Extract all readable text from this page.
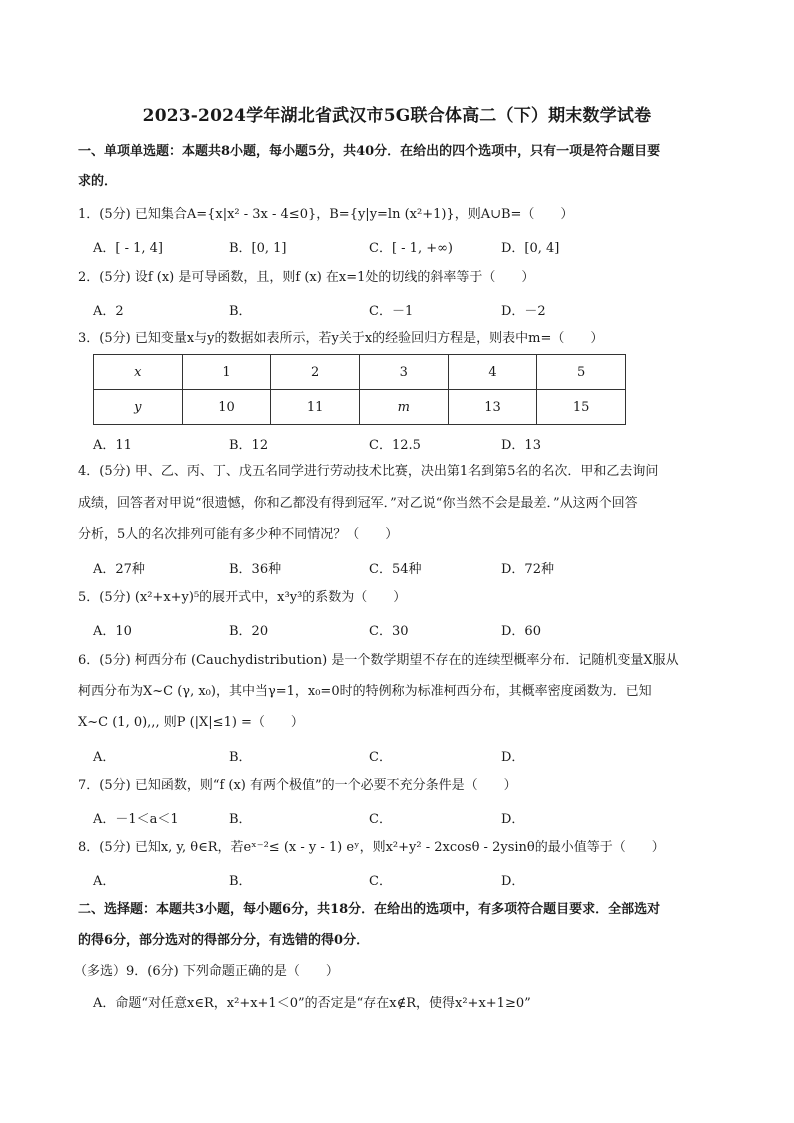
2023-2024学年湖北省武汉市5G联合体高二（下）期末数学试卷
一、单项单选题：本题共8小题，每小题5分，共40分．在给出的四个选项中，只有一项是符合题目要
求的．
1．(5分) 已知集合A={x|x² - 3x - 4≤0}，B={y|y=ln (x²+1)}，则A∪B=（　　）
A．[ - 1, 4]	B．[0, 1]	C．[ - 1, +∞)	D．[0, 4]
2．(5分) 设f (x) 是可导函数，且，则f (x) 在x=1处的切线的斜率等于（　　）
A．2	B．	C．－1	D．－2
3．(5分) 已知变量x与y的数据如表所示，若y关于x的经验回归方程是，则表中m=（　　）
x	1	2	3	4	5
y	10	11	m	13	15
A．11	B．12	C．12.5	D．13
4．(5分) 甲、乙、丙、丁、戊五名同学进行劳动技术比赛，决出第1名到第5名的名次．甲和乙去询问
成绩，回答者对甲说“很遗憾，你和乙都没有得到冠军．”对乙说“你当然不会是最差．”从这两个回答
分析，5人的名次排列可能有多少种不同情况？（　　）
A．27种	B．36种	C．54种	D．72种
5．(5分) (x²+x+y)⁵的展开式中，x³y³的系数为（　　）
A．10	B．20	C．30	D．60
6．(5分) 柯西分布 (Cauchydistribution) 是一个数学期望不存在的连续型概率分布．记随机变量X服从
柯西分布为X~C (γ, x₀)，其中当γ=1，x₀=0时的特例称为标准柯西分布，其概率密度函数为．已知
X~C (1, 0),,, 则P (|X|≤1) =（　　）
A．	B．	C．	D．
7．(5分) 已知函数，则“f (x) 有两个极值”的一个必要不充分条件是（　　）
A．－1＜a＜1	B．	C．	D．
8．(5分) 已知x, y, θ∈R，若eˣ⁻²≤ (x - y - 1) eʸ，则x²+y² - 2xcosθ - 2ysinθ的最小值等于（　　）
A．	B．	C．	D．
二、选择题：本题共3小题，每小题6分，共18分．在给出的选项中，有多项符合题目要求．全部选对
的得6分，部分选对的得部分分，有选错的得0分．
（多选）9．(6分) 下列命题正确的是（　　）
A．命题“对任意x∈R，x²+x+1＜0”的否定是“存在x∉R，使得x²+x+1≥0”
